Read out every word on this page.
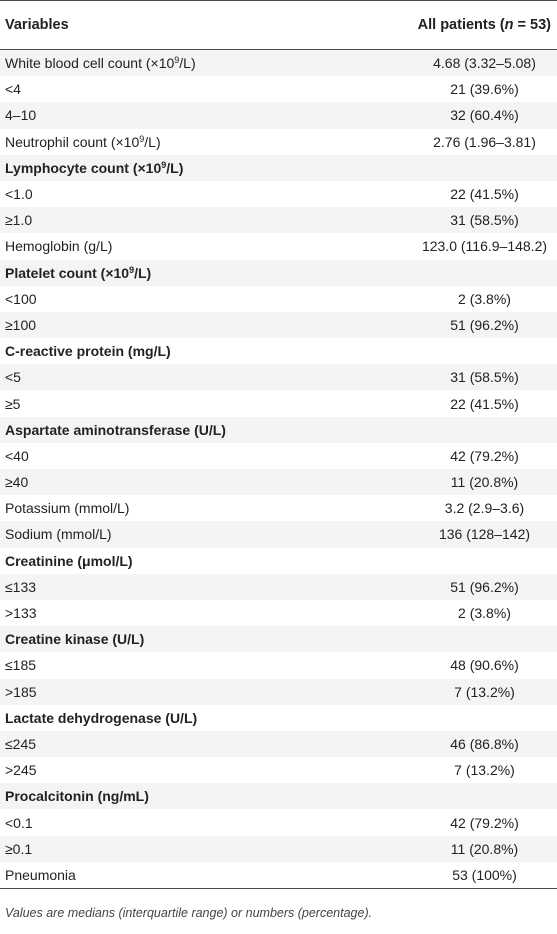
Variables	All patients (n = 53)
White blood cell count $(\times 10^9/L)$	4.68 (3.32–5.08)
<4	21 (39.6%)
4–10	32 (60.4%)
Neutrophil count $(\times 10^9/L)$	2.76 (1.96–3.81)
Lymphocyte count $(\times 10^9/L)$	
<1.0	22 (41.5%)
≥1.0	31 (58.5%)
Hemoglobin (g/L)	123.0 (116.9–148.2)
Platelet count $(\times 10^9/L)$	
<100	2 (3.8%)
≥100	51 (96.2%)
C-reactive protein (mg/L)	
<5	31 (58.5%)
≥5	22 (41.5%)
Aspartate aminotransferase (U/L)	
<40	42 (79.2%)
≥40	11 (20.8%)
Potassium (mmol/L)	3.2 (2.9–3.6)
Sodium (mmol/L)	136 (128–142)
Creatinine (μmol/L)	
≤133	51 (96.2%)
>133	2 (3.8%)
Creatine kinase (U/L)	
≤185	48 (90.6%)
>185	7 (13.2%)
Lactate dehydrogenase (U/L)	
≤245	46 (86.8%)
>245	7 (13.2%)
Procalcitonin (ng/mL)	
<0.1	42 (79.2%)
≥0.1	11 (20.8%)
Pneumonia	53 (100%)
Values are medians (interquartile range) or numbers (percentage).
